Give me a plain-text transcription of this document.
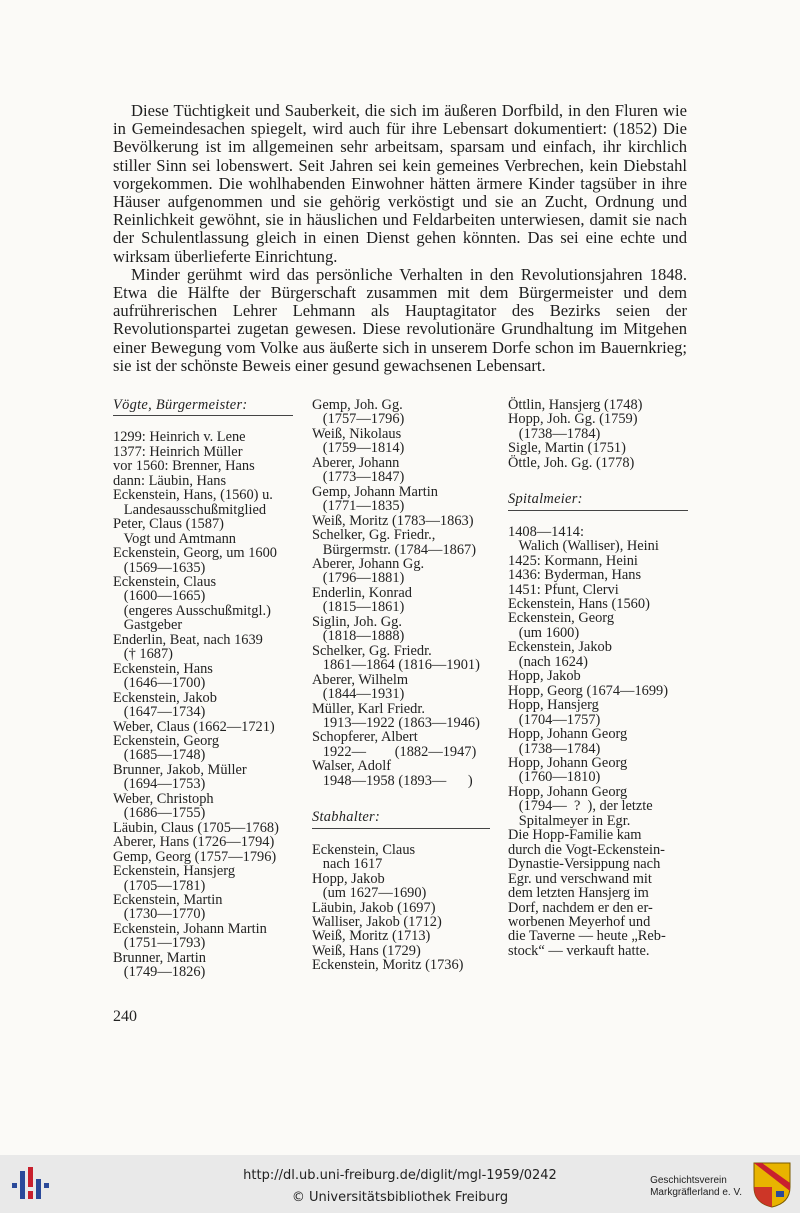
Diese Tüchtigkeit und Sauberkeit, die sich im äußeren Dorfbild, in den Fluren wie in Gemeindesachen spiegelt, wird auch für ihre Lebensart dokumentiert: (1852) Die Bevölkerung ist im allgemeinen sehr arbeitsam, sparsam und einfach, ihr kirchlich stiller Sinn sei lobenswert. Seit Jahren sei kein gemeines Verbrechen, kein Diebstahl vorgekommen. Die wohlhabenden Einwohner hätten ärmere Kinder tagsüber in ihre Häuser aufgenommen und sie gehörig verköstigt und sie an Zucht, Ordnung und Reinlichkeit gewöhnt, sie in häuslichen und Feldarbeiten unterwiesen, damit sie nach der Schulentlassung gleich in einen Dienst gehen könnten. Das sei eine echte und wirksam überlieferte Einrichtung.

Minder gerühmt wird das persönliche Verhalten in den Revolutionsjahren 1848. Etwa die Hälfte der Bürgerschaft zusammen mit dem Bürgermeister und dem aufrührerischen Lehrer Lehmann als Hauptagitator des Bezirks seien der Revolutionspartei zugetan gewesen. Diese revolutionäre Grundhaltung im Mitgehen einer Bewegung vom Volke aus äußerte sich in unserem Dorfe schon im Bauernkrieg; sie ist der schönste Beweis einer gesund gewachsenen Lebensart.

Vögte, Bürgermeister:
1299: Heinrich v. Lene
1377: Heinrich Müller
vor 1560: Brenner, Hans
dann: Läubin, Hans
Eckenstein, Hans, (1560) u.
Landesausschußmitglied
Peter, Claus (1587)
Vogt und Amtmann
Eckenstein, Georg, um 1600
(1569—1635)
Eckenstein, Claus
(1600—1665)
(engeres Ausschußmitgl.)
Gastgeber
Enderlin, Beat, nach 1639
(† 1687)
Eckenstein, Hans
(1646—1700)
Eckenstein, Jakob
(1647—1734)
Weber, Claus (1662—1721)
Eckenstein, Georg
(1685—1748)
Brunner, Jakob, Müller
(1694—1753)
Weber, Christoph
(1686—1755)
Läubin, Claus (1705—1768)
Aberer, Hans (1726—1794)
Gemp, Georg (1757—1796)
Eckenstein, Hansjerg
(1705—1781)
Eckenstein, Martin
(1730—1770)
Eckenstein, Johann Martin
(1751—1793)
Brunner, Martin
(1749—1826)
Gemp, Joh. Gg.
(1757—1796)
Weiß, Nikolaus
(1759—1814)
Aberer, Johann
(1773—1847)
Gemp, Johann Martin
(1771—1835)
Weiß, Moritz (1783—1863)
Schelker, Gg. Friedr.,
Bürgermstr. (1784—1867)
Aberer, Johann Gg.
(1796—1881)
Enderlin, Konrad
(1815—1861)
Siglin, Joh. Gg.
(1818—1888)
Schelker, Gg. Friedr.
1861—1864 (1816—1901)
Aberer, Wilhelm
(1844—1931)
Müller, Karl Friedr.
1913—1922 (1863—1946)
Schopferer, Albert
1922—        (1882—1947)
Walser, Adolf
1948—1958 (1893—      )
Stabhalter:
Eckenstein, Claus
nach 1617
Hopp, Jakob
(um 1627—1690)
Läubin, Jakob (1697)
Walliser, Jakob (1712)
Weiß, Moritz (1713)
Weiß, Hans (1729)
Eckenstein, Moritz (1736)
Öttlin, Hansjerg (1748)
Hopp, Joh. Gg. (1759)
(1738—1784)
Sigle, Martin (1751)
Öttle, Joh. Gg. (1778)
Spitalmeier:
1408—1414:
Walich (Walliser), Heini
1425: Kormann, Heini
1436: Byderman, Hans
1451: Pfunt, Clervi
Eckenstein, Hans (1560)
Eckenstein, Georg
(um 1600)
Eckenstein, Jakob
(nach 1624)
Hopp, Jakob
Hopp, Georg (1674—1699)
Hopp, Hansjerg
(1704—1757)
Hopp, Johann Georg
(1738—1784)
Hopp, Johann Georg
(1760—1810)
Hopp, Johann Georg
(1794—  ?  ), der letzte
Spitalmeyer in Egr.
Die Hopp-Familie kam
durch die Vogt-Eckenstein-
Dynastie-Versippung nach
Egr. und verschwand mit
dem letzten Hansjerg im
Dorf, nachdem er den er-
worbenen Meyerhof und
die Taverne — heute „Reb-
stock“ — verkauft hatte.
240
http://dl.ub.uni-freiburg.de/diglit/mgl-1959/0242
© Universitätsbibliothek Freiburg
Geschichtsverein
Markgräflerland e. V.
